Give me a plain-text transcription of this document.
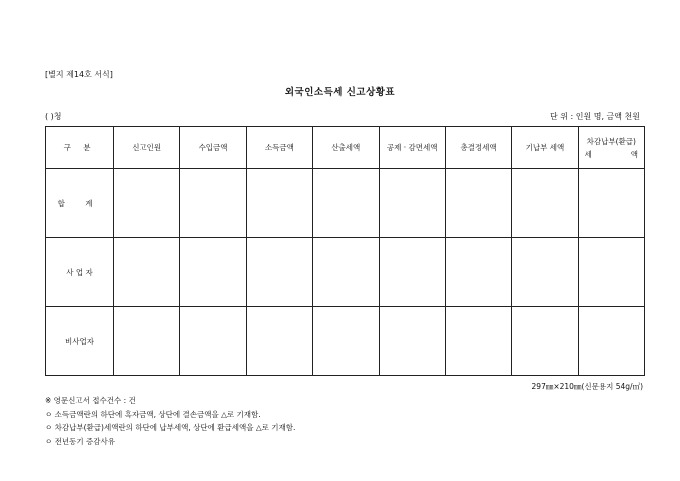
[별지 제14호 서식]
외국인소득세 신고상황표
( )청	단 위 : 인원 명, 금액 천원
구 분	신고인원	수입금액	소득금액	산출세액	공제 · 감면세액	총결정세액	기납부 세액	차감납부(환급)
세 액

합 계								
사 업 자								
비사업자								
297㎜×210㎜(신문용지 54g/㎡)
※ 영문신고서 접수건수 : 건
ㅇ 소득금액란의 하단에 흑자금액, 상단에 결손금액을 △로 기재함.
ㅇ 차감납부(환급)세액란의 하단에 납부세액, 상단에 환급세액을 △로 기재함.
ㅇ 전년동기 증감사유
